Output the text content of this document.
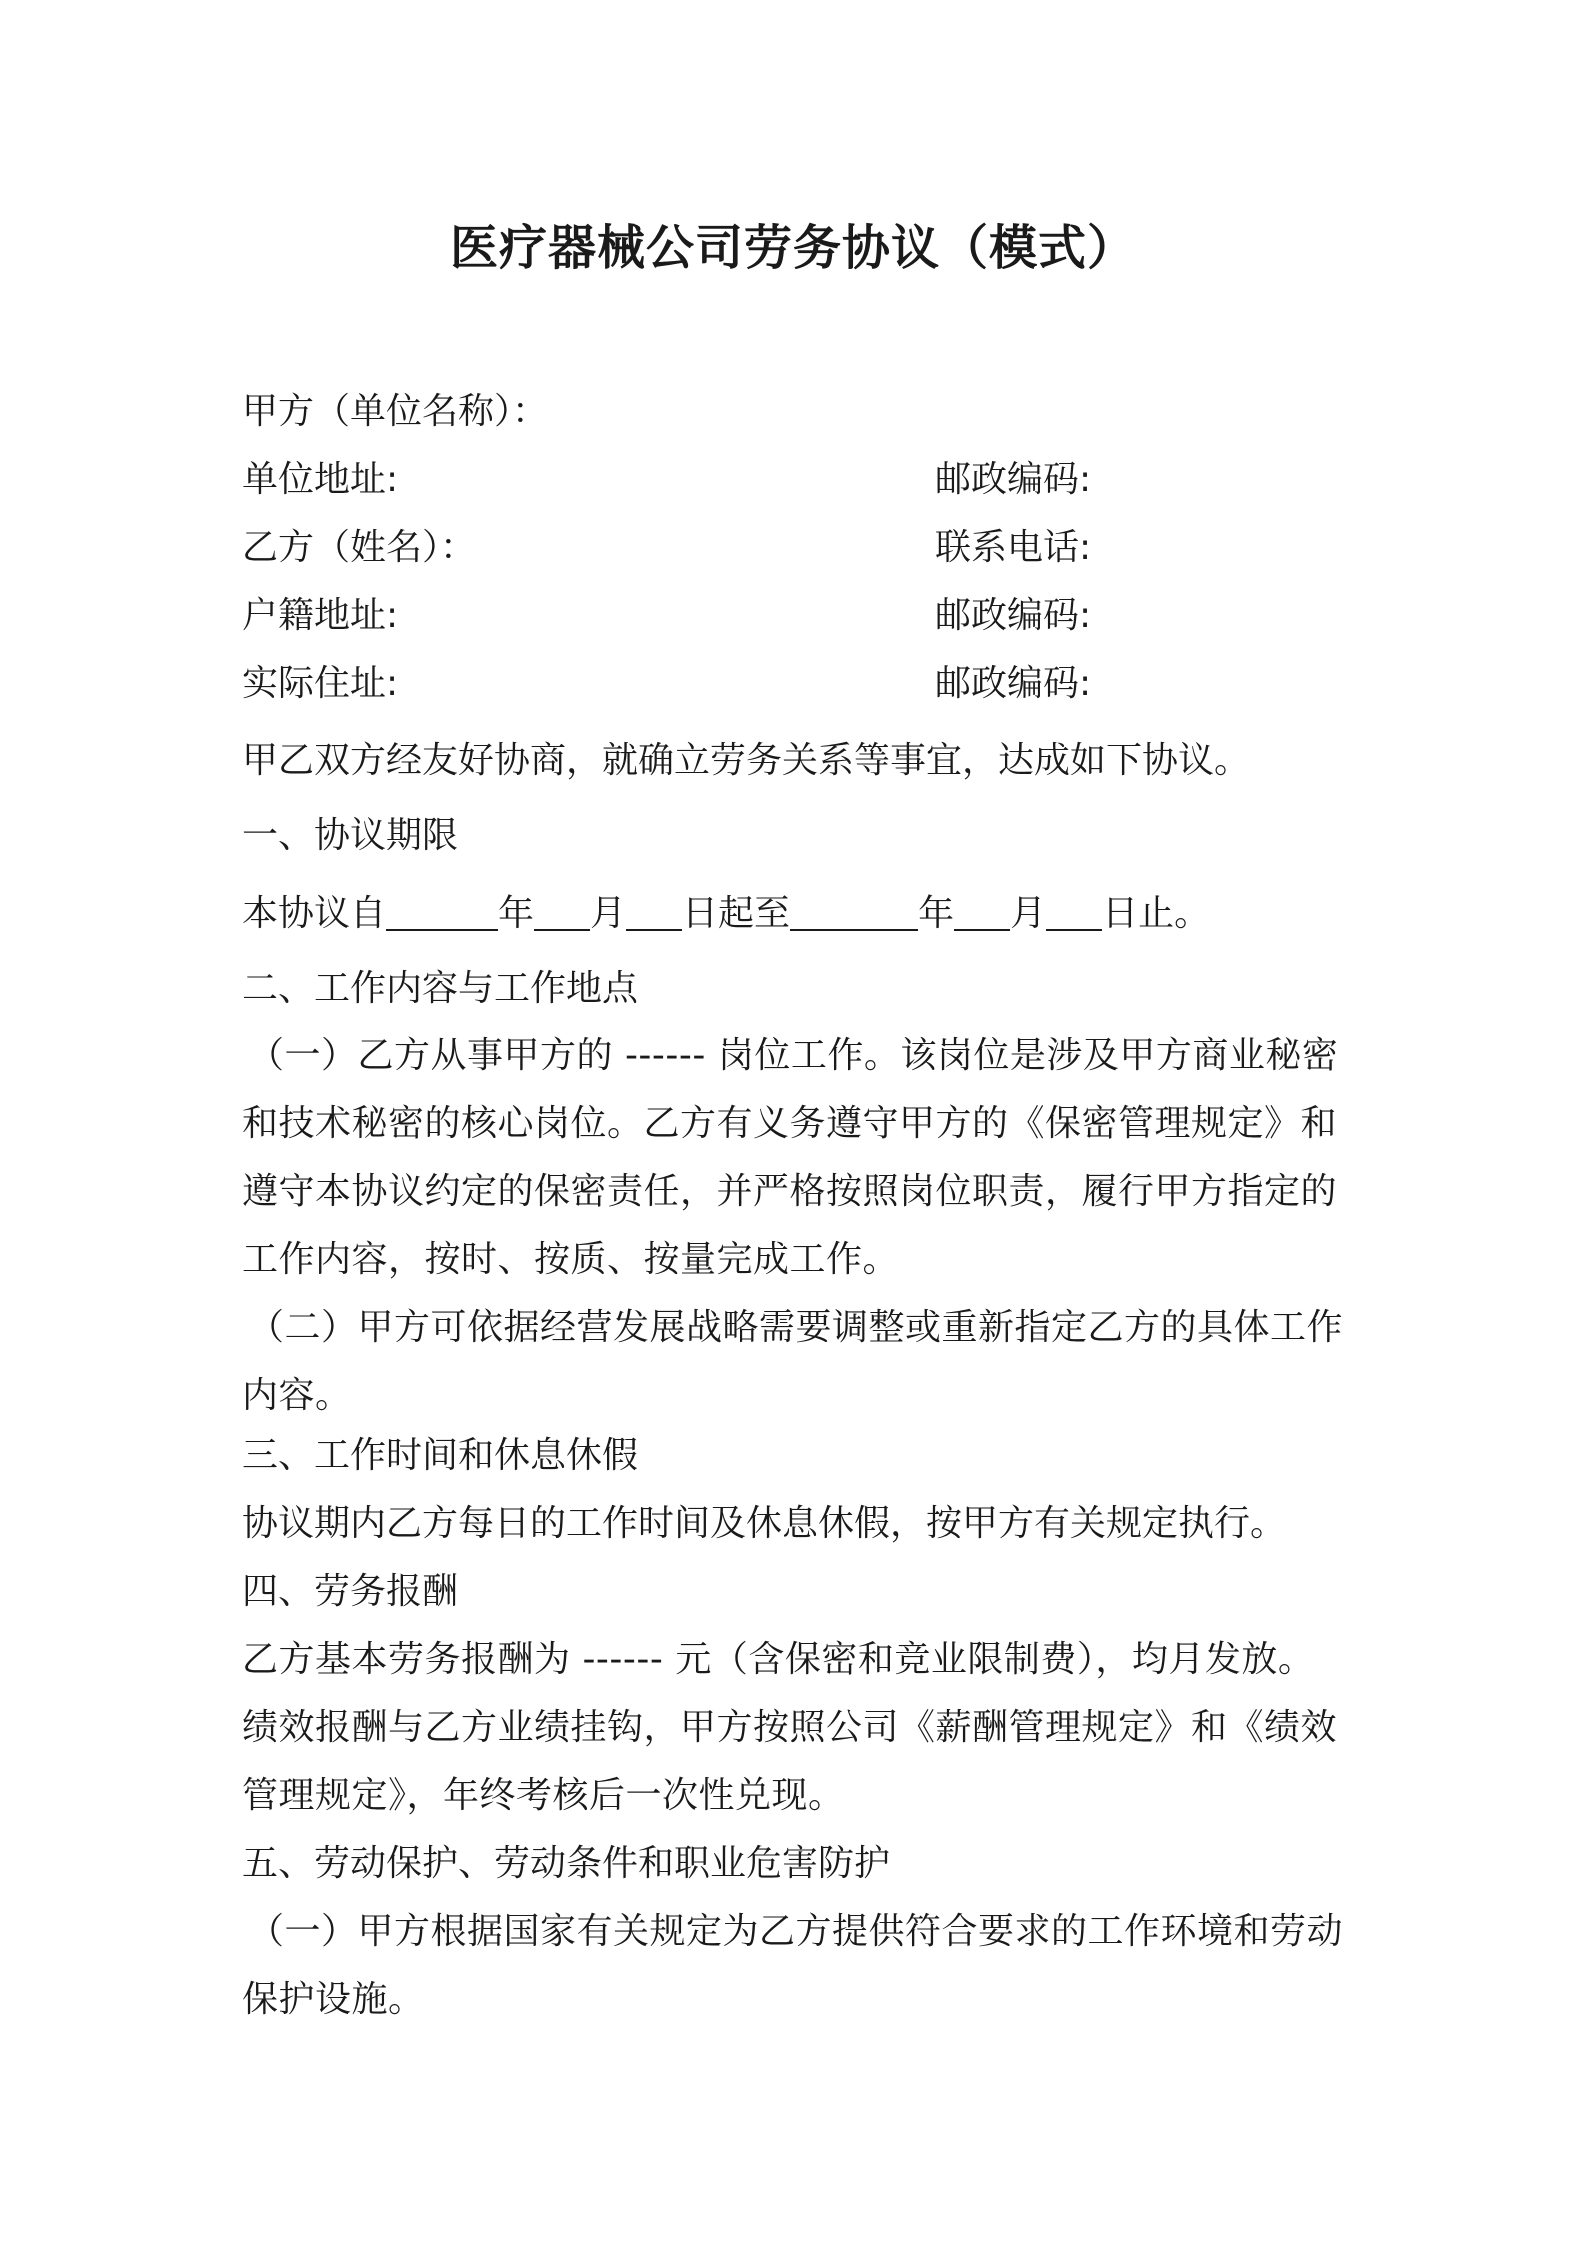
医疗器械公司劳务协议（模式）
甲方（单位名称）：
单位地址:	邮政编码:
乙方（姓名）：	联系电话:
户籍地址:	邮政编码:
实际住址:	邮政编码:
甲乙双方经友好协商，就确立劳务关系等事宜，达成如下协议。
一、协议期限
本协议自	年 月 日起至	年 月 日止。
二、工作内容与工作地点
（一）乙方从事甲方的 ------ 岗位工作。该岗位是涉及甲方商业秘密
和技术秘密的核心岗位。乙方有义务遵守甲方的《保密管理规定》和
遵守本协议约定的保密责任，并严格按照岗位职责，履行甲方指定的
工作内容，按时、按质、按量完成工作。
（二）甲方可依据经营发展战略需要调整或重新指定乙方的具体工作
内容。
三、工作时间和休息休假
协议期内乙方每日的工作时间及休息休假，按甲方有关规定执行。
四、劳务报酬
乙方基本劳务报酬为 ------ 元（含保密和竞业限制费），均月发放。
绩效报酬与乙方业绩挂钩，甲方按照公司《薪酬管理规定》和《绩效
管理规定》，年终考核后一次性兑现。
五、劳动保护、劳动条件和职业危害防护
（一）甲方根据国家有关规定为乙方提供符合要求的工作环境和劳动
保护设施。
